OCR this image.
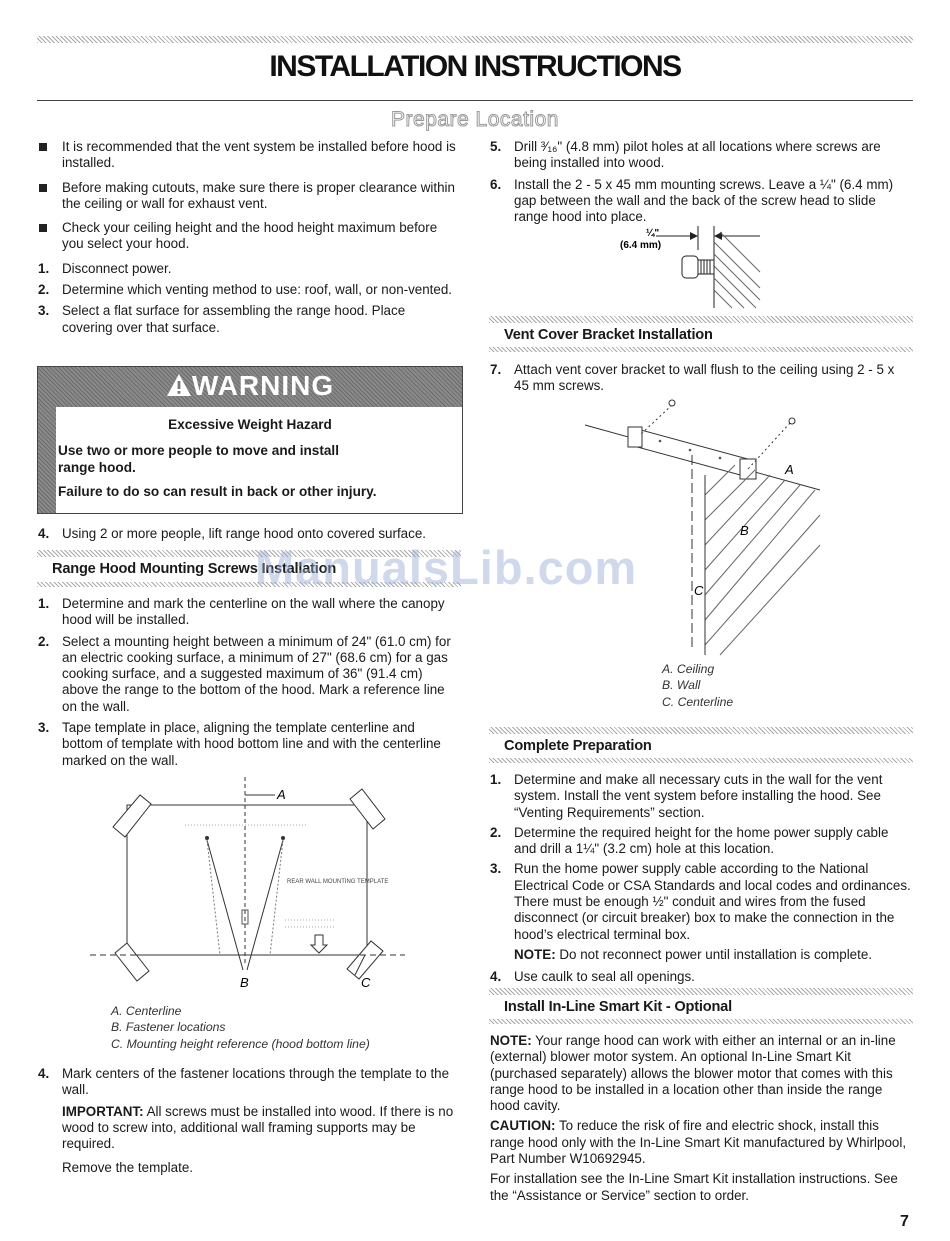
INSTALLATION INSTRUCTIONS
Prepare Location
It is recommended that the vent system be installed before hood is installed.
Before making cutouts, make sure there is proper clearance within the ceiling or wall for exhaust vent.
Check your ceiling height and the hood height maximum before you select your hood.
1. Disconnect power.
2. Determine which venting method to use: roof, wall, or non-vented.
3. Select a flat surface for assembling the range hood. Place covering over that surface.
WARNING
Excessive Weight Hazard
Use two or more people to move and install range hood.
Failure to do so can result in back or other injury.
4. Using 2 or more people, lift range hood onto covered surface.
Range Hood Mounting Screws Installation
1. Determine and mark the centerline on the wall where the canopy hood will be installed.
2. Select a mounting height between a minimum of 24" (61.0 cm) for an electric cooking surface, a minimum of 27" (68.6 cm) for a gas cooking surface, and a suggested maximum of 36" (91.4 cm) above the range to the bottom of the hood. Mark a reference line on the wall.
3. Tape template in place, aligning the template centerline and bottom of template with hood bottom line and with the centerline marked on the wall.
A
REAR WALL MOUNTING TEMPLATE
B	C
A. Centerline
B. Fastener locations
C. Mounting height reference (hood bottom line)
4. Mark centers of the fastener locations through the template to the wall.
IMPORTANT: All screws must be installed into wood. If there is no wood to screw into, additional wall framing supports may be required.
Remove the template.
5. Drill ³⁄₁₆" (4.8 mm) pilot holes at all locations where screws are being installed into wood.
6. Install the 2 - 5 x 45 mm mounting screws. Leave a ¼" (6.4 mm) gap between the wall and the back of the screw head to slide range hood into place.
¼"
(6.4 mm)
Vent Cover Bracket Installation
7. Attach vent cover bracket to wall flush to the ceiling using 2 - 5 x 45 mm screws.
A
B
C
A. Ceiling
B. Wall
C. Centerline
Complete Preparation
1. Determine and make all necessary cuts in the wall for the vent system. Install the vent system before installing the hood. See “Venting Requirements” section.
2. Determine the required height for the home power supply cable and drill a 1¼" (3.2 cm) hole at this location.
3. Run the home power supply cable according to the National Electrical Code or CSA Standards and local codes and ordinances. There must be enough ½" conduit and wires from the fused disconnect (or circuit breaker) box to make the connection in the hood’s electrical terminal box.
NOTE: Do not reconnect power until installation is complete.
4. Use caulk to seal all openings.
Install In-Line Smart Kit - Optional
NOTE: Your range hood can work with either an internal or an in-line (external) blower motor system. An optional In-Line Smart Kit (purchased separately) allows the blower motor that comes with this range hood to be installed in a location other than inside the range hood cavity.
CAUTION: To reduce the risk of fire and electric shock, install this range hood only with the In-Line Smart Kit manufactured by Whirlpool, Part Number W10692945.
For installation see the In-Line Smart Kit installation instructions. See the “Assistance or Service” section to order.
ManualsLib.com
7
